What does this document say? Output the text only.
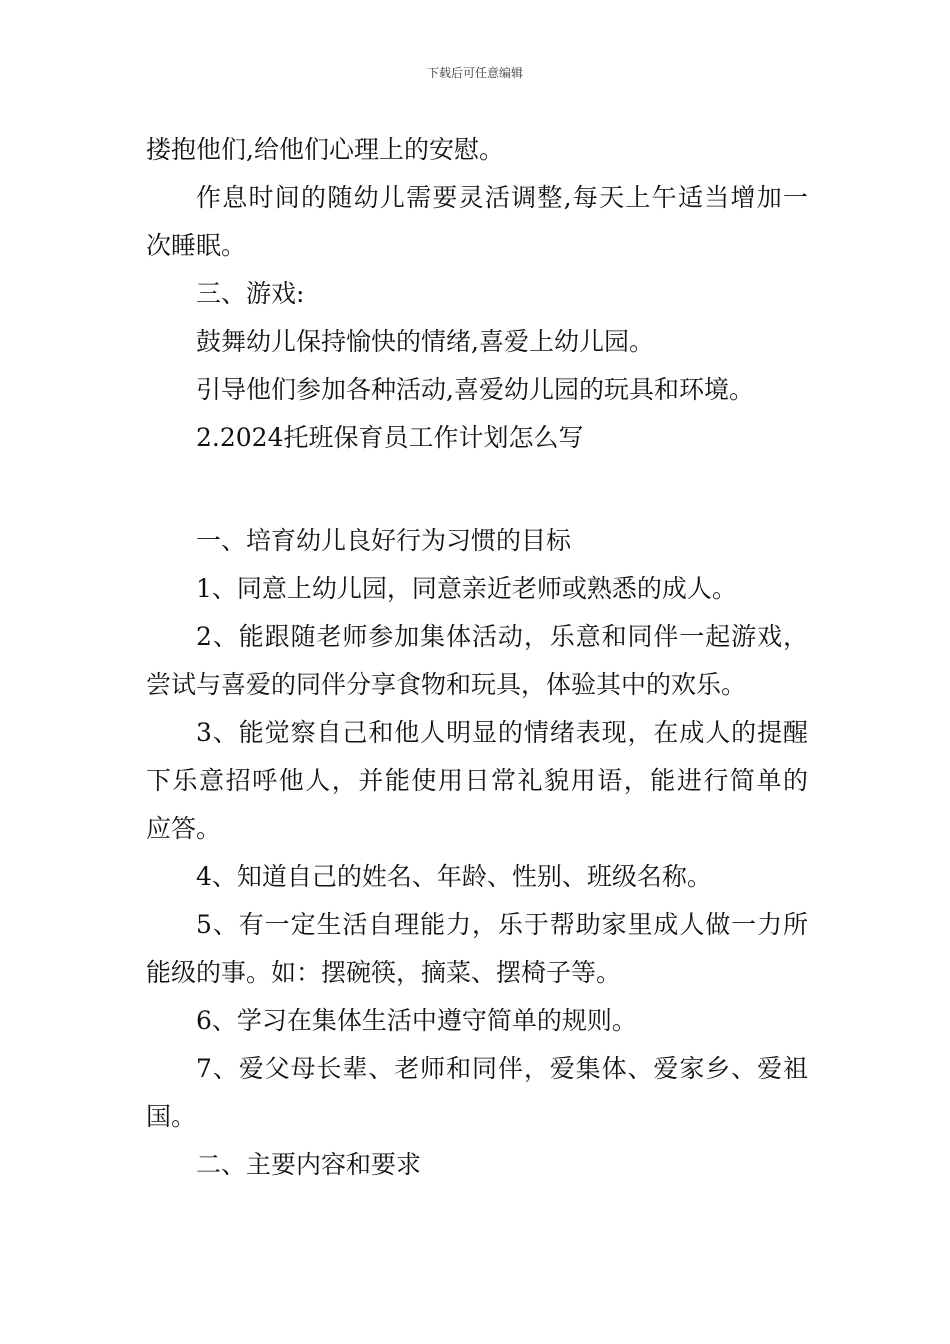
下载后可任意编辑
搂抱他们,给他们心理上的安慰。
作息时间的随幼儿需要灵活调整,每天上午适当增加一
次睡眠。
三、游戏:
鼓舞幼儿保持愉快的情绪,喜爱上幼儿园。
引导他们参加各种活动,喜爱幼儿园的玩具和环境。
2.2024托班保育员工作计划怎么写
一、培育幼儿良好行为习惯的目标
1、同意上幼儿园，同意亲近老师或熟悉的成人。
2、能跟随老师参加集体活动，乐意和同伴一起游戏，
尝试与喜爱的同伴分享食物和玩具，体验其中的欢乐。
3、能觉察自己和他人明显的情绪表现，在成人的提醒
下乐意招呼他人，并能使用日常礼貌用语，能进行简单的
应答。
4、知道自己的姓名、年龄、性别、班级名称。
5、有一定生活自理能力，乐于帮助家里成人做一力所
能级的事。如：摆碗筷，摘菜、摆椅子等。
6、学习在集体生活中遵守简单的规则。
7、爱父母长辈、老师和同伴，爱集体、爱家乡、爱祖
国。
二、主要内容和要求
